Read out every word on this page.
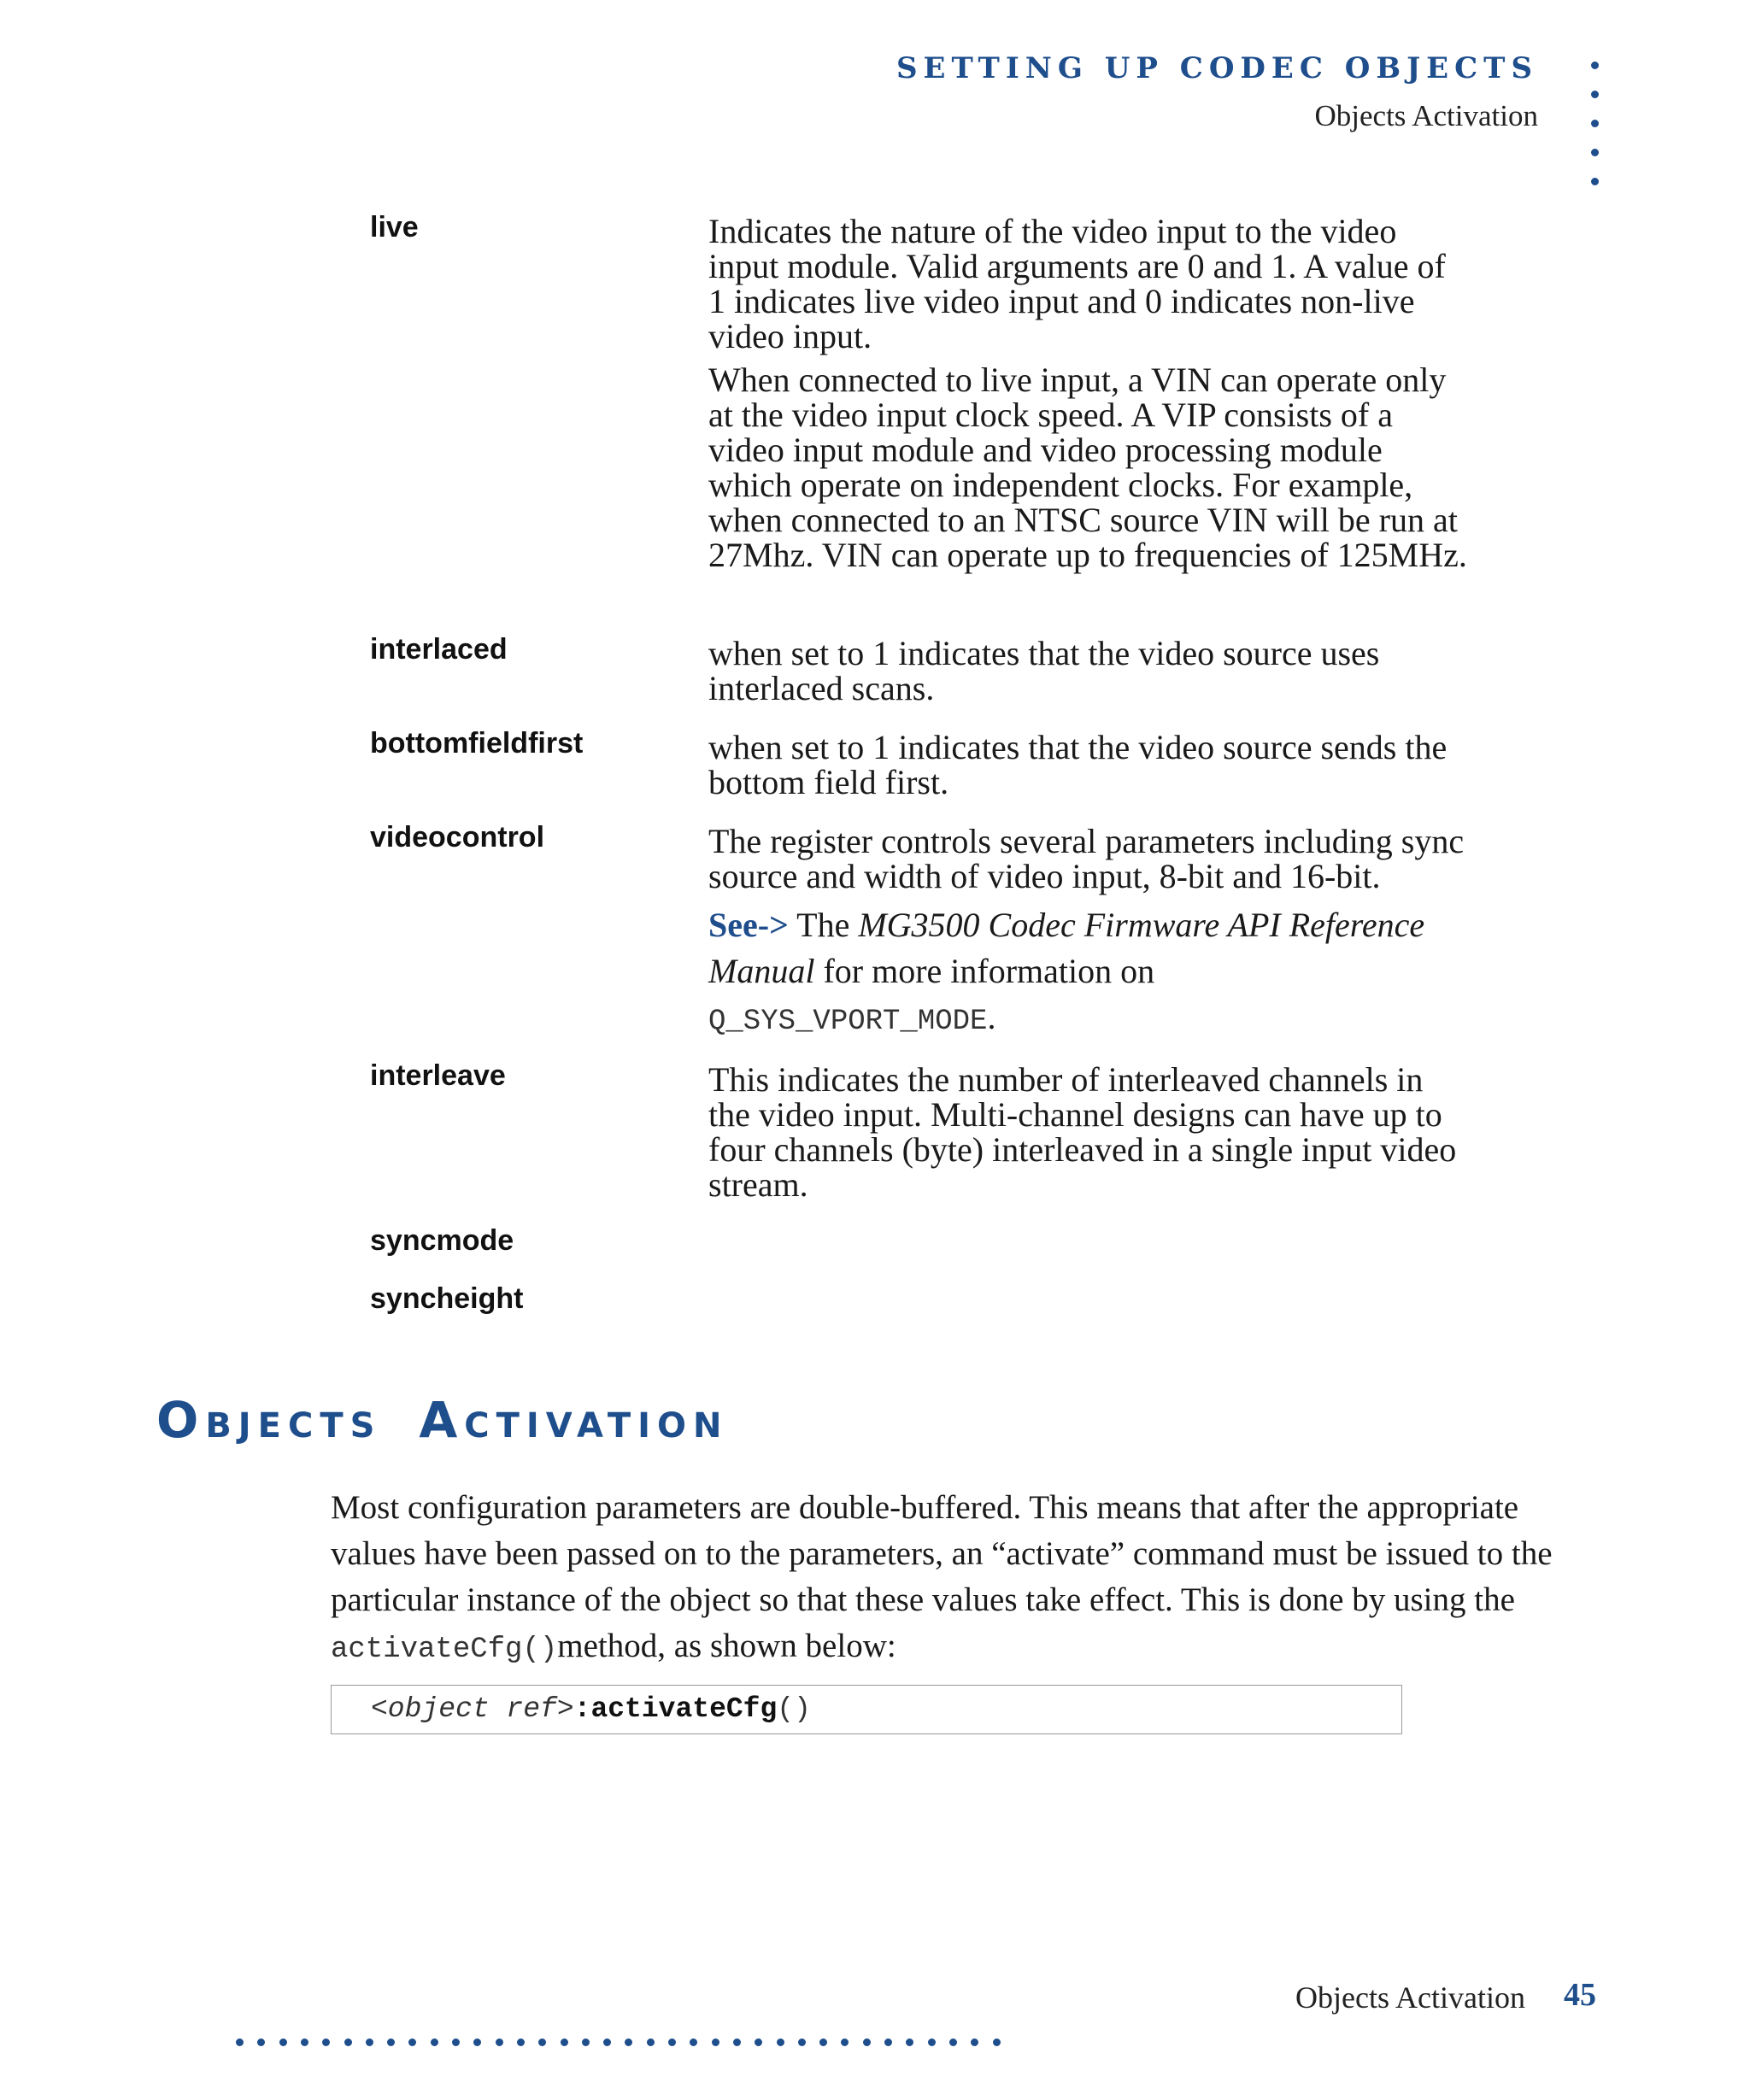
SETTING UP CODEC OBJECTS
Objects Activation
live	Indicates the nature of the video input to the video input module. Valid arguments are 0 and 1. A value of 1 indicates live video input and 0 indicates non-live video input.

When connected to live input, a VIN can operate only at the video input clock speed. A VIP consists of a video input module and video processing module which operate on independent clocks. For example, when connected to an NTSC source VIN will be run at 27Mhz. VIN can operate up to frequencies of 125MHz.

interlaced	when set to 1 indicates that the video source uses interlaced scans.

bottomfieldfirst	when set to 1 indicates that the video source sends the bottom field first.

videocontrol	The register controls several parameters including sync source and width of video input, 8-bit and 16-bit.

See-> The MG3500 Codec Firmware API Reference Manual for more information on
Q_SYS_VPORT_MODE.

interleave	This indicates the number of interleaved channels in the video input. Multi-channel designs can have up to four channels (byte) interleaved in a single input video stream.

syncmode
syncheight
OBJECTS ACTIVATION
Most configuration parameters are double-buffered. This means that after the appropriate values have been passed on to the parameters, an “activate” command must be issued to the particular instance of the object so that these values take effect. This is done by using the activateCfg()method, as shown below:
<object ref>:activateCfg()
Objects Activation 45
